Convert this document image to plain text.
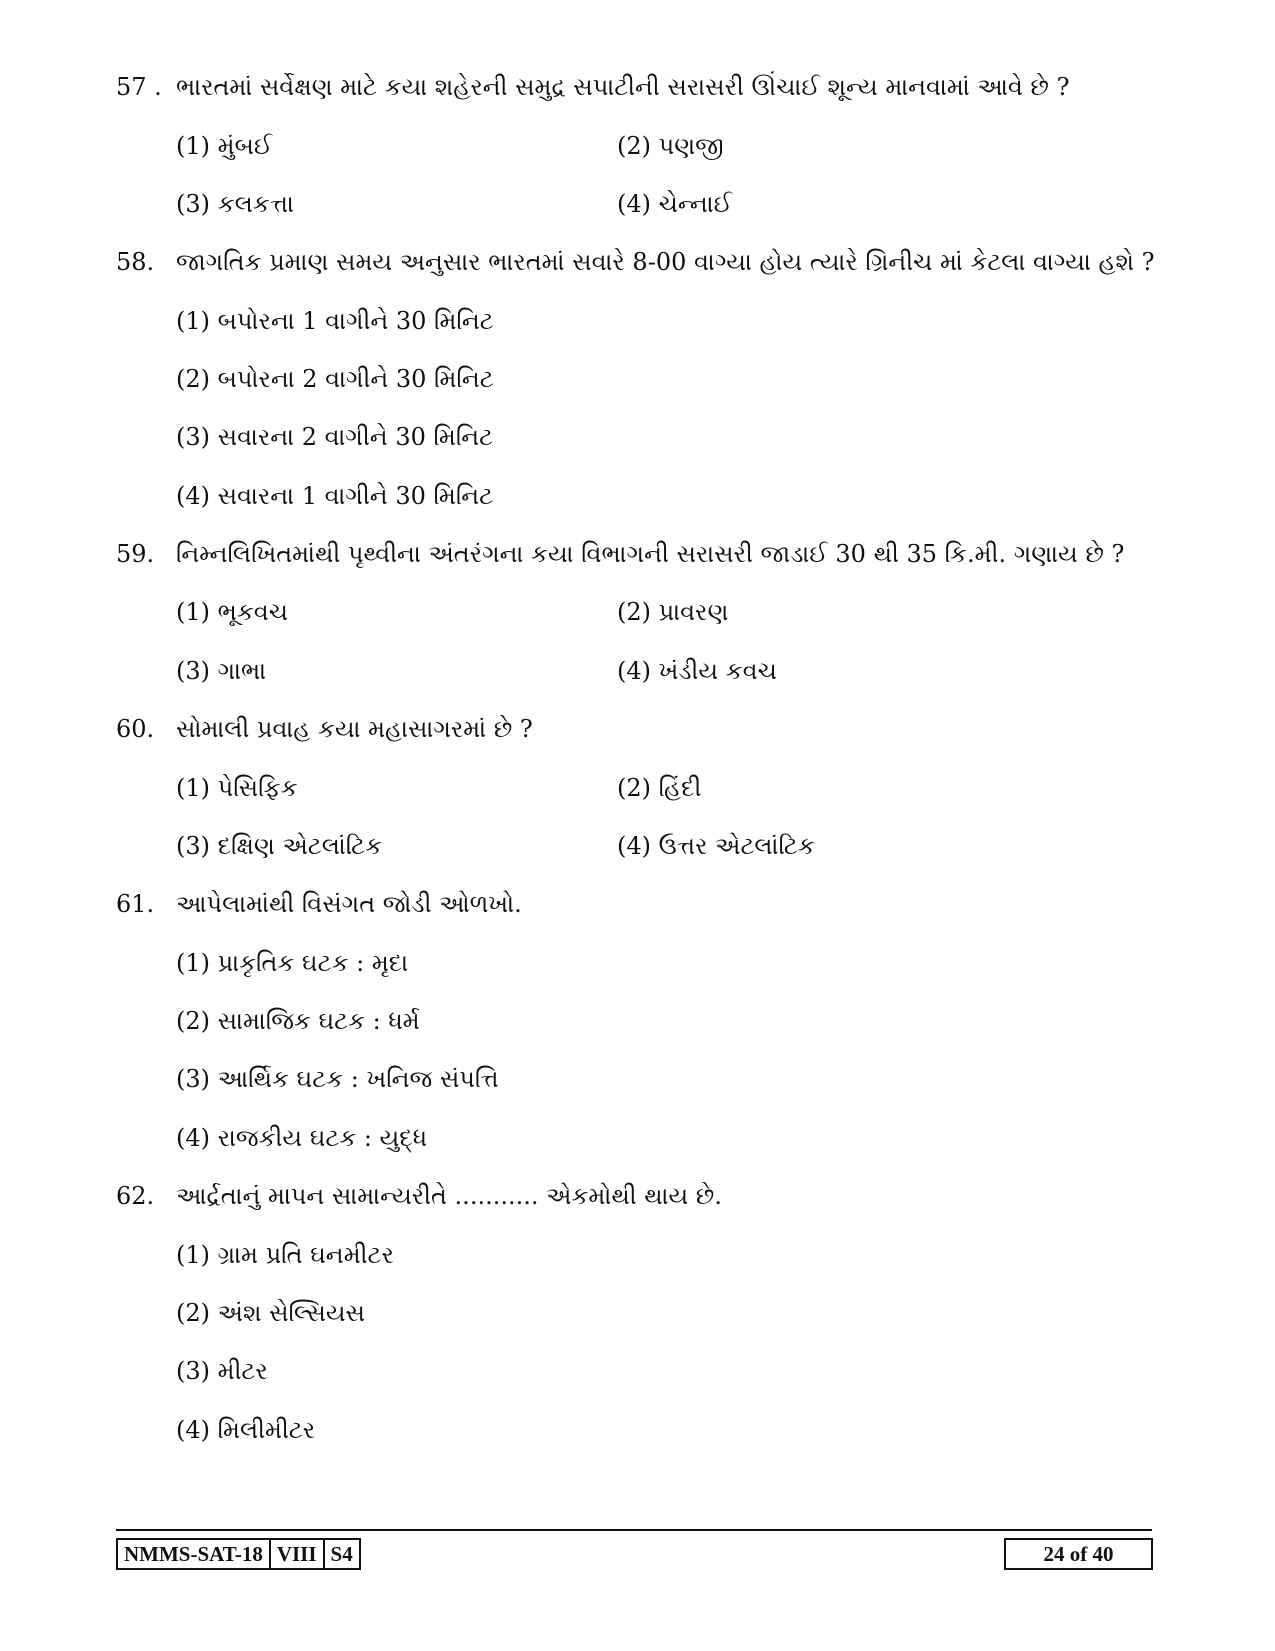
57 . ભારતમાં સર્વેક્ષણ માટે કયા શહેરની સમુદ્ર સપાટીની સરાસરી ઊંચાઈ શૂન્ય માનવામાં આવે છે ?
(1) મુંબઈ	(2) પણજી
(3) કલકત્તા	(4) ચેન્નાઈ
58. જાગતિક પ્રમાણ સમય અનુસાર ભારતમાં સવારે 8-00 વાગ્યા હોય ત્યારે ગ્રિનીચ માં કેટલા વાગ્યા હશે ?
(1) બપોરના 1 વાગીને 30 મિનિટ
(2) બપોરના 2 વાગીને 30 મિનિટ
(3) સવારના 2 વાગીને 30 મિનિટ
(4) સવારના 1 વાગીને 30 મિનિટ
59. નિમ્નલિખિતમાંથી પૃથ્વીના અંતરંગના કયા વિભાગની સરાસરી જાડાઈ 30 થી 35 કિ.મી. ગણાય છે ?
(1) ભૂકવચ	(2) પ્રાવરણ
(3) ગાભા	(4) ખંડીય કવચ
60. સોમાલી પ્રવાહ કયા મહાસાગરમાં છે ?
(1) પેસિફિક	(2) હિંદી
(3) દક્ષિણ એટલાંટિક	(4) ઉત્તર એટલાંટિક
61. આપેલામાંથી વિસંગત જોડી ઓળખો.
(1) પ્રાકૃતિક ઘટક : મૃદા
(2) સામાજિક ઘટક : ધર્મ
(3) આર્થિક ઘટક : ખનિજ સંપત્તિ
(4) રાજકીય ઘટક : યુદ્ધ
62. આર્દ્રતાનું માપન સામાન્યરીતે ........... એકમોથી થાય છે.
(1) ગ્રામ પ્રતિ ઘનમીટર
(2) અંશ સેલ્સિયસ
(3) મીટર
(4) મિલીમીટર
NMMS-SAT-18 VIII S4	24 of 40
